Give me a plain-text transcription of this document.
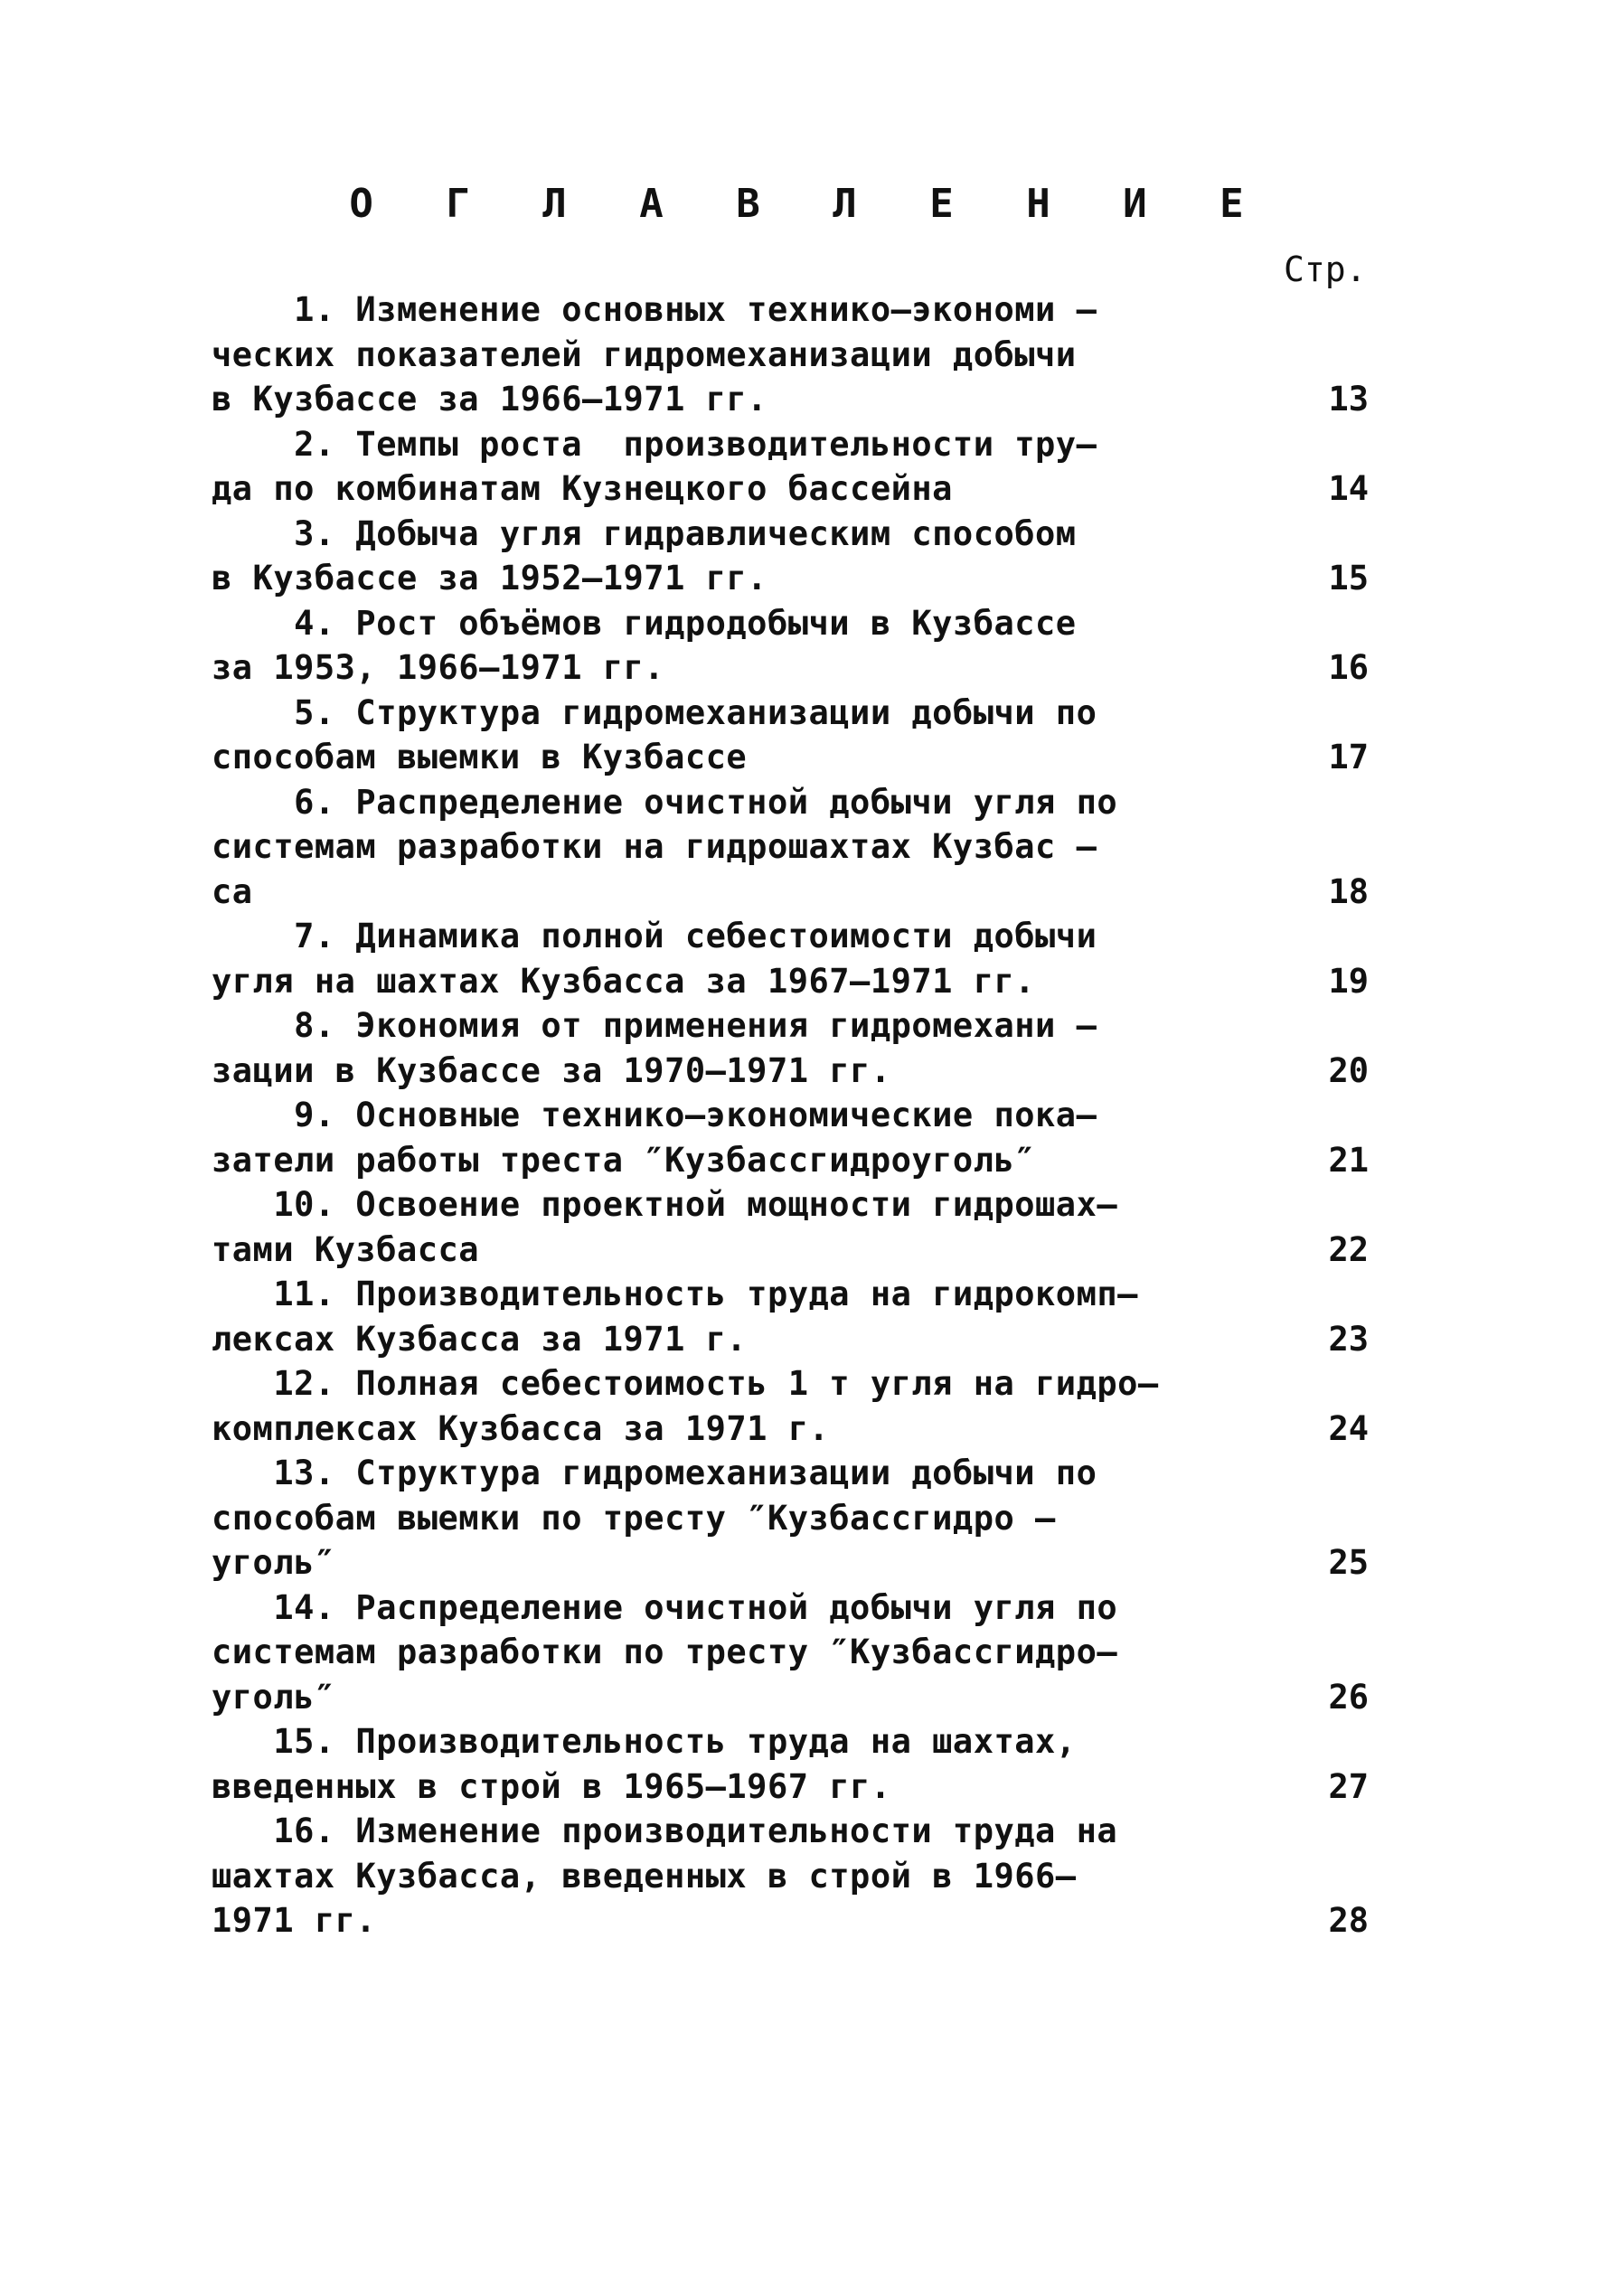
О Г Л А В Л Е Н И Е
Стр.
1. Изменение основных технико–экономи –
ческих показателей гидромеханизации добычи
в Кузбассе за 1966–1971 гг.	13
2. Темпы роста  производительности тру–
да по комбинатам Кузнецкого бассейна	14
3. Добыча угля гидравлическим способом
в Кузбассе за 1952–1971 гг.	15
4. Рост объёмов гидродобычи в Кузбассе
за 1953, 1966–1971 гг.	16
5. Структура гидромеханизации добычи по
способам выемки в Кузбассе	17
6. Распределение очистной добычи угля по
системам разработки на гидрошахтах Кузбас –
са	18
7. Динамика полной себестоимости добычи
угля на шахтах Кузбасса за 1967–1971 гг.	19
8. Экономия от применения гидромехани –
зации в Кузбассе за 1970–1971 гг.	20
9. Основные технико–экономические пока–
затели работы треста ″Кузбассгидроуголь″	21
10. Освоение проектной мощности гидрошах–
тами Кузбасса	22
11. Производительность труда на гидрокомп–
лексах Кузбасса за 1971 г.	23
12. Полная себестоимость 1 т угля на гидро–
комплексах Кузбасса за 1971 г.	24
13. Структура гидромеханизации добычи по
способам выемки по тресту ″Кузбассгидро –
уголь″	25
14. Распределение очистной добычи угля по
системам разработки по тресту ″Кузбассгидро–
уголь″	26
15. Производительность труда на шахтах,
введенных в строй в 1965–1967 гг.	27
16. Изменение производительности труда на
шахтах Кузбасса, введенных в строй в 1966–
1971 гг.	28
